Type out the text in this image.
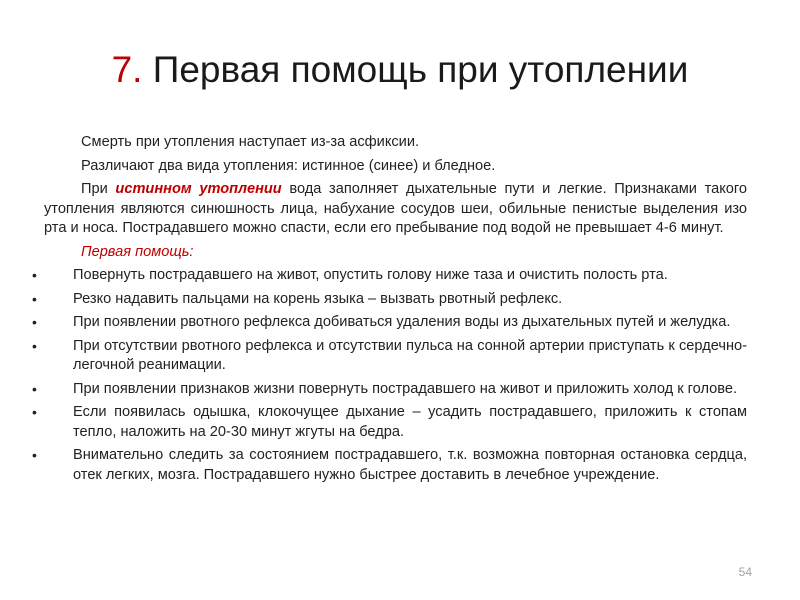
7. Первая помощь при утоплении

Смерть при утопления наступает из-за асфиксии.

Различают два вида утопления: истинное (синее) и бледное.

При истинном утоплении вода заполняет дыхательные пути и легкие. Признаками такого утопления являются синюшность лица, набухание сосудов шеи, обильные пенистые выделения изо рта и носа. Пострадавшего можно спасти, если его пребывание под водой не превышает 4-6 минут.

Первая помощь:
•	Повернуть пострадавшего на живот, опустить голову ниже таза и очистить полость рта.
•	Резко надавить пальцами на корень языка – вызвать рвотный рефлекс.
•	При появлении рвотного рефлекса добиваться удаления воды из дыхательных путей и желудка.
•	При отсутствии рвотного рефлекса и отсутствии пульса на сонной артерии приступать к сердечно-легочной реанимации.
•	При появлении признаков жизни повернуть пострадавшего на живот и приложить холод к голове.
•	Если появилась одышка, клокочущее дыхание – усадить пострадавшего, приложить к стопам тепло, наложить на 20-30 минут жгуты на бедра.
•	Внимательно следить за состоянием пострадавшего, т.к. возможна повторная остановка сердца, отек легких, мозга. Пострадавшего нужно быстрее доставить в лечебное учреждение.
54
